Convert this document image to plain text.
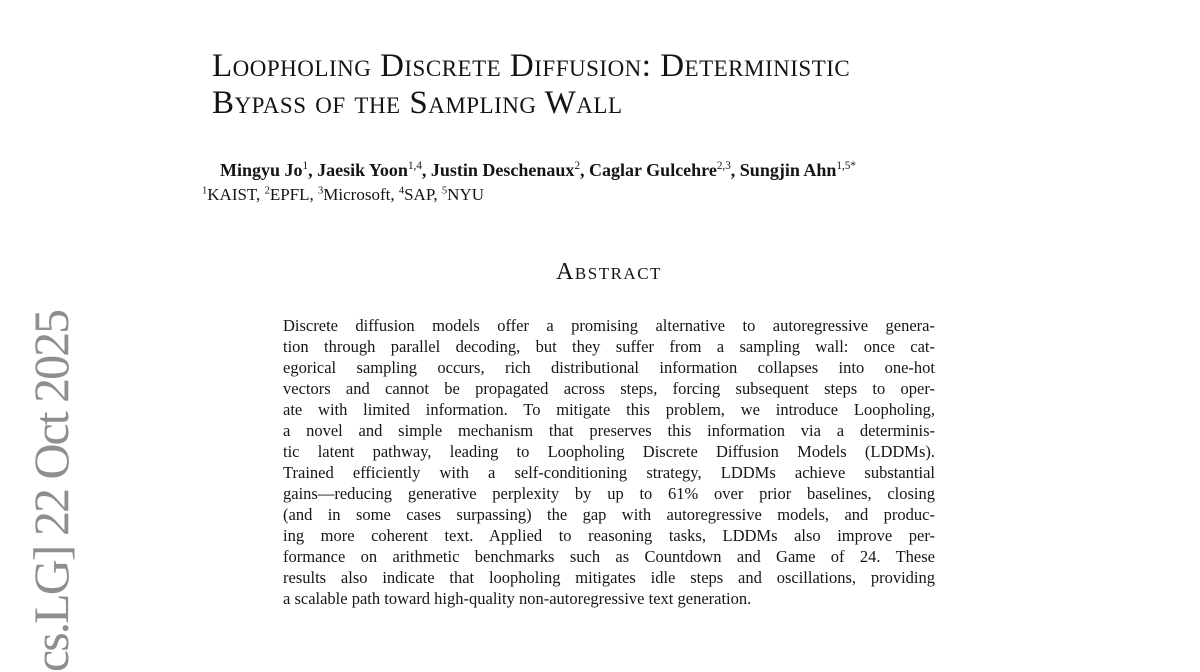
cs.LG] 22 Oct 2025
Loopholing Discrete Diffusion: Deterministic
Bypass of the Sampling Wall
Mingyu Jo$^1$, Jaesik Yoon$^{1,4}$, Justin Deschenaux$^2$, Caglar Gulcehre$^{2,3}$, Sungjin Ahn$^{1,5*}$
$^1$KAIST, $^2$EPFL, $^3$Microsoft, $^4$SAP, $^5$NYU
Abstract
Discrete diffusion models offer a promising alternative to autoregressive genera-
tion through parallel decoding, but they suffer from a sampling wall: once cat-
egorical sampling occurs, rich distributional information collapses into one-hot
vectors and cannot be propagated across steps, forcing subsequent steps to oper-
ate with limited information. To mitigate this problem, we introduce Loopholing,
a novel and simple mechanism that preserves this information via a determinis-
tic latent pathway, leading to Loopholing Discrete Diffusion Models (LDDMs).
Trained efficiently with a self-conditioning strategy, LDDMs achieve substantial
gains—reducing generative perplexity by up to 61% over prior baselines, closing
(and in some cases surpassing) the gap with autoregressive models, and produc-
ing more coherent text. Applied to reasoning tasks, LDDMs also improve per-
formance on arithmetic benchmarks such as Countdown and Game of 24. These
results also indicate that loopholing mitigates idle steps and oscillations, providing
a scalable path toward high-quality non-autoregressive text generation.
